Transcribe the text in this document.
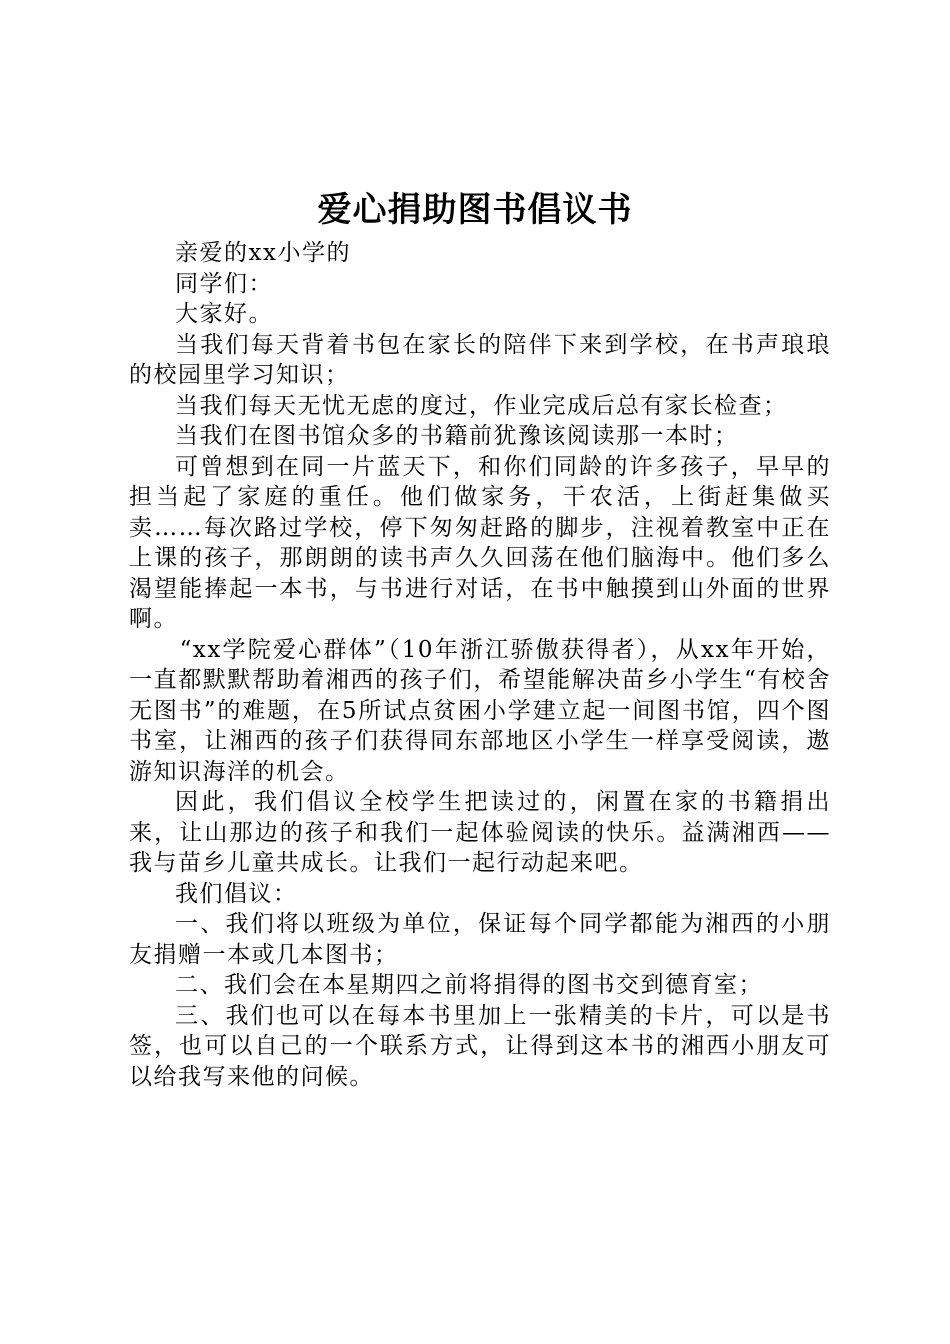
爱心捐助图书倡议书

亲爱的xx小学的

同学们：

大家好。

当我们每天背着书包在家长的陪伴下来到学校，在书声琅琅的校园里学习知识；

当我们每天无忧无虑的度过，作业完成后总有家长检查；

当我们在图书馆众多的书籍前犹豫该阅读那一本时；

可曾想到在同一片蓝天下，和你们同龄的许多孩子，早早的担当起了家庭的重任。他们做家务，干农活，上街赶集做买卖……每次路过学校，停下匆匆赶路的脚步，注视着教室中正在上课的孩子，那朗朗的读书声久久回荡在他们脑海中。他们多么渴望能捧起一本书，与书进行对话，在书中触摸到山外面的世界啊。

“xx学院爱心群体”（10年浙江骄傲获得者），从xx年开始，一直都默默帮助着湘西的孩子们，希望能解决苗乡小学生“有校舍无图书”的难题，在5所试点贫困小学建立起一间图书馆，四个图书室，让湘西的孩子们获得同东部地区小学生一样享受阅读，遨游知识海洋的机会。

因此，我们倡议全校学生把读过的，闲置在家的书籍捐出来，让山那边的孩子和我们一起体验阅读的快乐。益满湘西——我与苗乡儿童共成长。让我们一起行动起来吧。

我们倡议：

一、我们将以班级为单位，保证每个同学都能为湘西的小朋友捐赠一本或几本图书；

二、我们会在本星期四之前将捐得的图书交到德育室；

三、我们也可以在每本书里加上一张精美的卡片，可以是书签，也可以自己的一个联系方式，让得到这本书的湘西小朋友可以给我写来他的问候。
